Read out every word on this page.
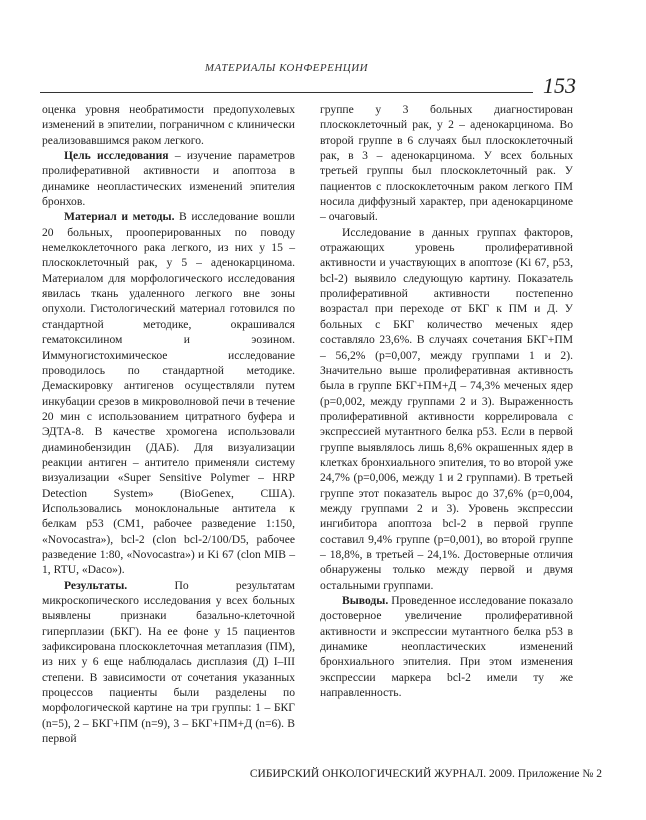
МАТЕРИАЛЫ КОНФЕРЕНЦИИ
153

оценка уровня необратимости предопухолевых изменений в эпителии, пограничном с клинически реализовавшимся раком легкого.

Цель исследования – изучение параметров пролиферативной активности и апоптоза в динамике неопластических изменений эпителия бронхов.

Материал и методы. В исследование вошли 20 больных, прооперированных по поводу немелкоклеточного рака легкого, из них у 15 – плоскоклеточный рак, у 5 – аденокарцинома. Материалом для морфологического исследования явилась ткань удаленного легкого вне зоны опухоли. Гистологический материал готовился по стандартной методике, окрашивался гематоксилином и эозином. Иммуногистохимическое исследование проводилось по стандартной методике. Демаскировку антигенов осуществляли путем инкубации срезов в микроволновой печи в течение 20 мин с использованием цитратного буфера и ЭДТА-8. В качестве хромогена использовали диаминобензидин (ДАБ). Для визуализации реакции антиген – антитело применяли систему визуализации «Super Sensitive Polymer – HRP Detection System» (BioGenex, США). Использовались моноклональные антитела к белкам p53 (CM1, рабочее разведение 1:150, «Novocastra»), bcl-2 (clon bcl-2/100/D5, рабочее разведение 1:80, «Novocastra») и Ki 67 (clon MIB – 1, RTU, «Daco»).

Результаты. По результатам микроскопического исследования у всех больных выявлены признаки базально-клеточной гиперплазии (БКГ). На ее фоне у 15 пациентов зафиксирована плоскоклеточная метаплазия (ПМ), из них у 6 еще наблюдалась дисплазия (Д) I–III степени. В зависимости от сочетания указанных процессов пациенты были разделены по морфологической картине на три группы: 1 – БКГ (n=5), 2 – БКГ+ПМ (n=9), 3 – БКГ+ПМ+Д (n=6). В первой

группе у 3 больных диагностирован плоскоклеточный рак, у 2 – аденокарцинома. Во второй группе в 6 случаях был плоскоклеточный рак, в 3 – аденокарцинома. У всех больных третьей группы был плоскоклеточный рак. У пациентов с плоскоклеточным раком легкого ПМ носила диффузный характер, при аденокарциноме – очаговый.

Исследование в данных группах факторов, отражающих уровень пролиферативной активности и участвующих в апоптозе (Ki 67, p53, bcl-2) выявило следующую картину. Показатель пролиферативной активности постепенно возрастал при переходе от БКГ к ПМ и Д. У больных с БКГ количество меченых ядер составляло 23,6%. В случаях сочетания БКГ+ПМ – 56,2% (p=0,007, между группами 1 и 2). Значительно выше пролиферативная активность была в группе БКГ+ПМ+Д – 74,3% меченых ядер (p=0,002, между группами 2 и 3). Выраженность пролиферативной активности коррелировала с экспрессией мутантного белка p53. Если в первой группе выявлялось лишь 8,6% окрашенных ядер в клетках бронхиального эпителия, то во второй уже 24,7% (p=0,006, между 1 и 2 группами). В третьей группе этот показатель вырос до 37,6% (p=0,004, между группами 2 и 3). Уровень экспрессии ингибитора апоптоза bcl-2 в первой группе составил 9,4% группе (p=0,001), во второй группе – 18,8%, в третьей – 24,1%. Достоверные отличия обнаружены только между первой и двумя остальными группами.

Выводы. Проведенное исследование показало достоверное увеличение пролиферативной активности и экспрессии мутантного белка p53 в динамике неопластических изменений бронхиального эпителия. При этом изменения экспрессии маркера bcl-2 имели ту же направленность.

СИБИРСКИЙ ОНКОЛОГИЧЕСКИЙ ЖУРНАЛ. 2009. Приложение № 2
